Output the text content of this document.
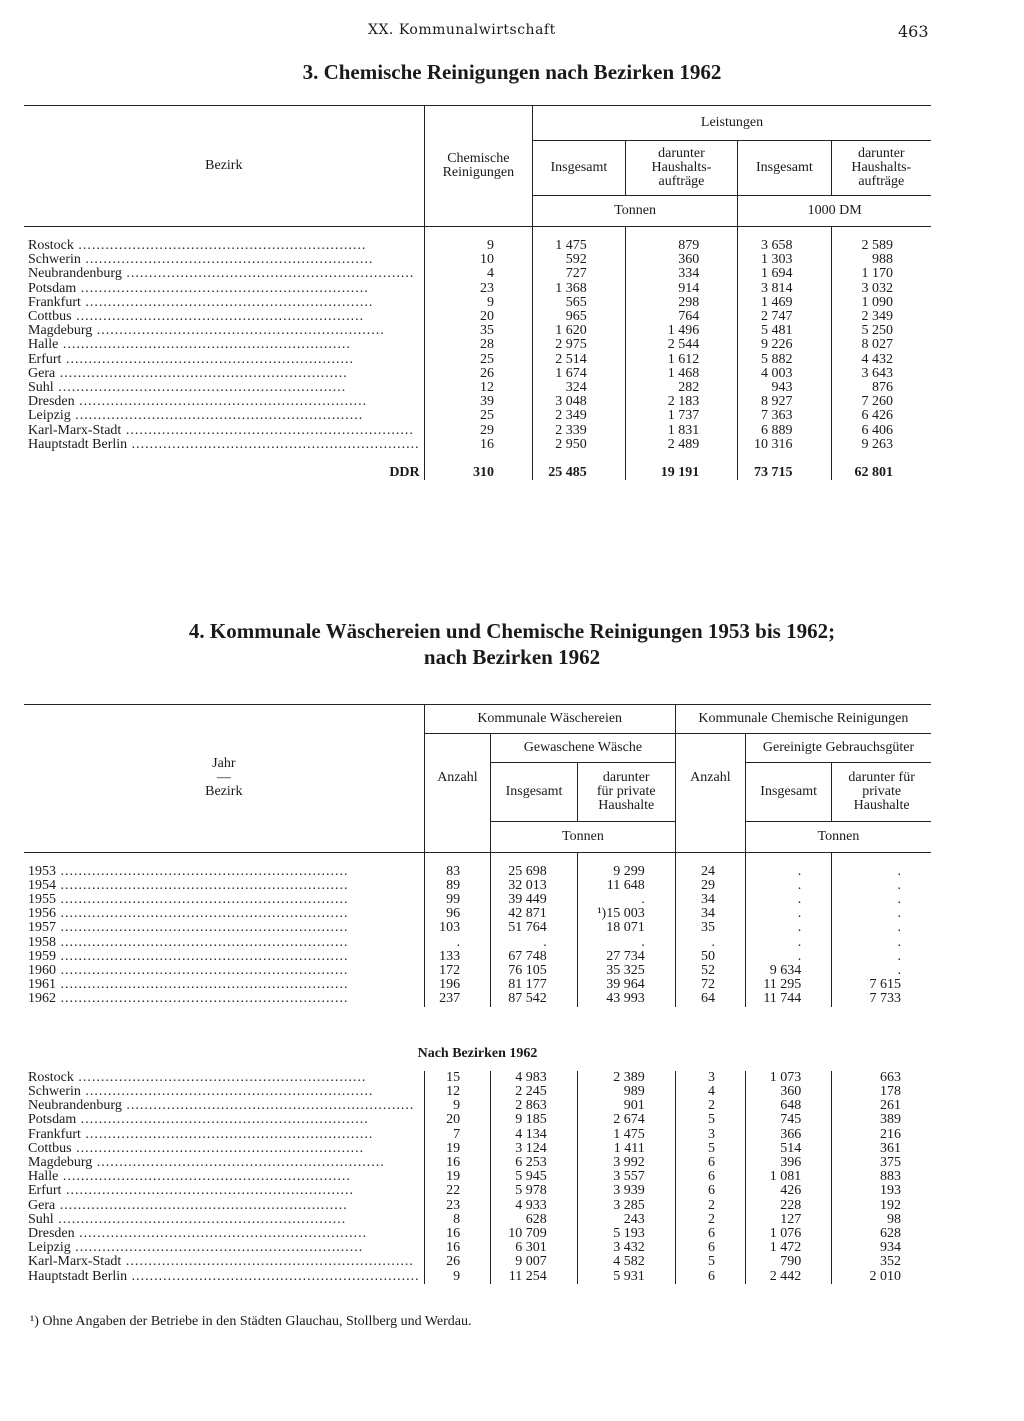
XX. Kommunalwirtschaft	463
3. Chemische Reinigungen nach Bezirken 1962
Bezirk	Chemische Reinigungen	Leistungen			
		Insgesamt	darunter Haushalts- aufträge	Insgesamt	darunter Haushalts- aufträge
		Tonnen		1000 DM	

Rostock .....	9	1 475	879	3 658	2 589
Schwerin .....	10	592	360	1 303	988
Neubrandenburg .....	4	727	334	1 694	1 170
Potsdam .....	23	1 368	914	3 814	3 032
Frankfurt .....	9	565	298	1 469	1 090
Cottbus .....	20	965	764	2 747	2 349
Magdeburg .....	35	1 620	1 496	5 481	5 250
Halle .....	28	2 975	2 544	9 226	8 027
Erfurt .....	25	2 514	1 612	5 882	4 432
Gera .....	26	1 674	1 468	4 003	3 643
Suhl .....	12	324	282	943	876
Dresden .....	39	3 048	2 183	8 927	7 260
Leipzig .....	25	2 349	1 737	7 363	6 426
Karl-Marx-Stadt .....	29	2 339	1 831	6 889	6 406
Hauptstadt Berlin .....	16	2 950	2 489	10 316	9 263

DDR	310	25 485	19 191	73 715	62 801
4. Kommunale Wäschereien und Chemische Reinigungen 1953 bis 1962;
nach Bezirken 1962
Jahr
—
Bezirk	Kommunale Wäschereien			Kommunale Chemische Reinigungen		
	Anzahl	Gewaschene Wäsche		Anzahl	Gereinigte Gebrauchsgüter	
		Insgesamt	darunter für private Haushalte		Insgesamt	darunter für private Haushalte
		Tonnen			Tonnen	

1953 .....	83	25 698	9 299	24	.	.
1954 .....	89	32 013	11 648	29	.	.
1955 .....	99	39 449	.	34	.	.
1956 .....	96	42 871	¹)15 003	34	.	.
1957 .....	103	51 764	18 071	35	.	.
1958 .....	.	.	.	.	.	.
1959 .....	133	67 748	27 734	50	.	.
1960 .....	172	76 105	35 325	52	9 634	.
1961 .....	196	81 177	39 964	72	11 295	7 615
1962 .....	237	87 542	43 993	64	11 744	7 733
Nach Bezirken 1962						
Rostock .....	15	4 983	2 389	3	1 073	663
Schwerin .....	12	2 245	989	4	360	178
Neubrandenburg .....	9	2 863	901	2	648	261
Potsdam .....	20	9 185	2 674	5	745	389
Frankfurt .....	7	4 134	1 475	3	366	216
Cottbus .....	19	3 124	1 411	5	514	361
Magdeburg .....	16	6 253	3 992	6	396	375
Halle .....	19	5 945	3 557	6	1 081	883
Erfurt .....	22	5 978	3 939	6	426	193
Gera .....	23	4 933	3 285	2	228	192
Suhl .....	8	628	243	2	127	98
Dresden .....	16	10 709	5 193	6	1 076	628
Leipzig .....	16	6 301	3 432	6	1 472	934
Karl-Marx-Stadt .....	26	9 007	4 582	5	790	352
Hauptstadt Berlin .....	9	11 254	5 931	6	2 442	2 010
¹) Ohne Angaben der Betriebe in den Städten Glauchau, Stollberg und Werdau.
